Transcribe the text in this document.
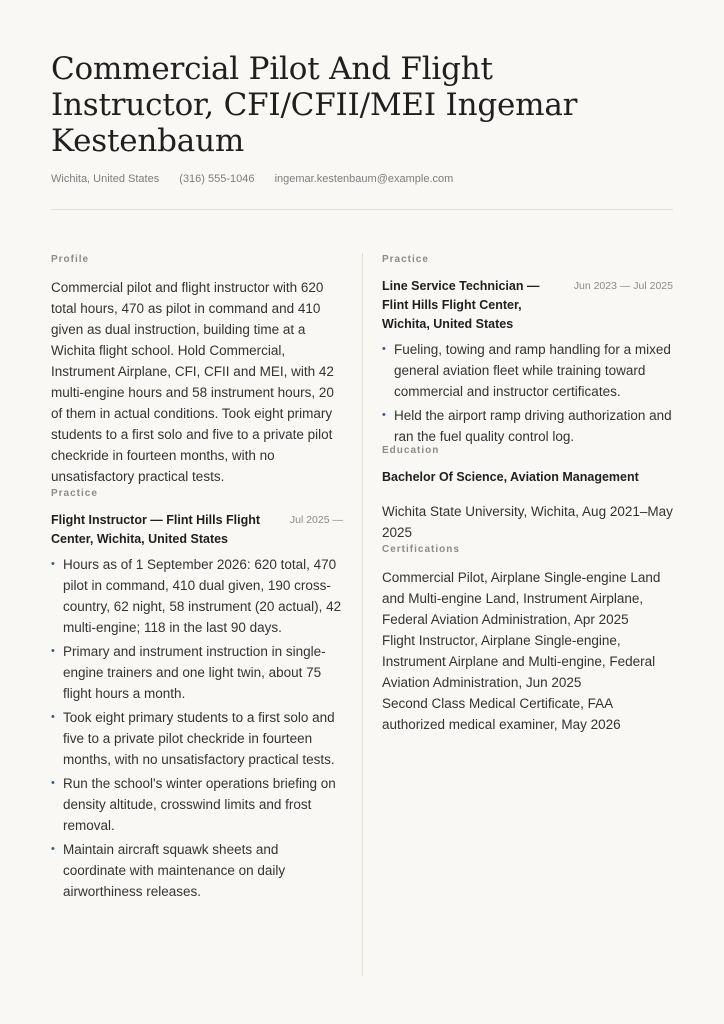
Commercial Pilot And Flight Instructor, CFI/CFII/MEI Ingemar Kestenbaum
Wichita, United States (316) 555-1046 ingemar.kestenbaum@example.com

Profile

Commercial pilot and flight instructor with 620 total hours, 470 as pilot in command and 410 given as dual instruction, building time at a Wichita flight school. Hold Commercial, Instrument Airplane, CFI, CFII and MEI, with 42 multi-engine hours and 58 instrument hours, 20 of them in actual conditions. Took eight primary students to a first solo and five to a private pilot checkride in fourteen months, with no unsatisfactory practical tests.

Practice

Flight Instructor — Flint Hills Flight Center, Wichita, United States
Jul 2025 —
• Hours as of 1 September 2026: 620 total, 470 pilot in command, 410 dual given, 190 cross-country, 62 night, 58 instrument (20 actual), 42 multi-engine; 118 in the last 90 days.
• Primary and instrument instruction in single-engine trainers and one light twin, about 75 flight hours a month.
• Took eight primary students to a first solo and five to a private pilot checkride in fourteen months, with no unsatisfactory practical tests.
• Run the school's winter operations briefing on density altitude, crosswind limits and frost removal.
• Maintain aircraft squawk sheets and coordinate with maintenance on daily airworthiness releases.

Practice

Line Service Technician — Flint Hills Flight Center, Wichita, United States
Jun 2023 — Jul 2025
• Fueling, towing and ramp handling for a mixed general aviation fleet while training toward commercial and instructor certificates.
• Held the airport ramp driving authorization and ran the fuel quality control log.

Education

Bachelor Of Science, Aviation Management
Wichita State University, Wichita, Aug 2021–May 2025

Certifications

Commercial Pilot, Airplane Single-engine Land and Multi-engine Land, Instrument Airplane, Federal Aviation Administration, Apr 2025
Flight Instructor, Airplane Single-engine, Instrument Airplane and Multi-engine, Federal Aviation Administration, Jun 2025
Second Class Medical Certificate, FAA authorized medical examiner, May 2026
